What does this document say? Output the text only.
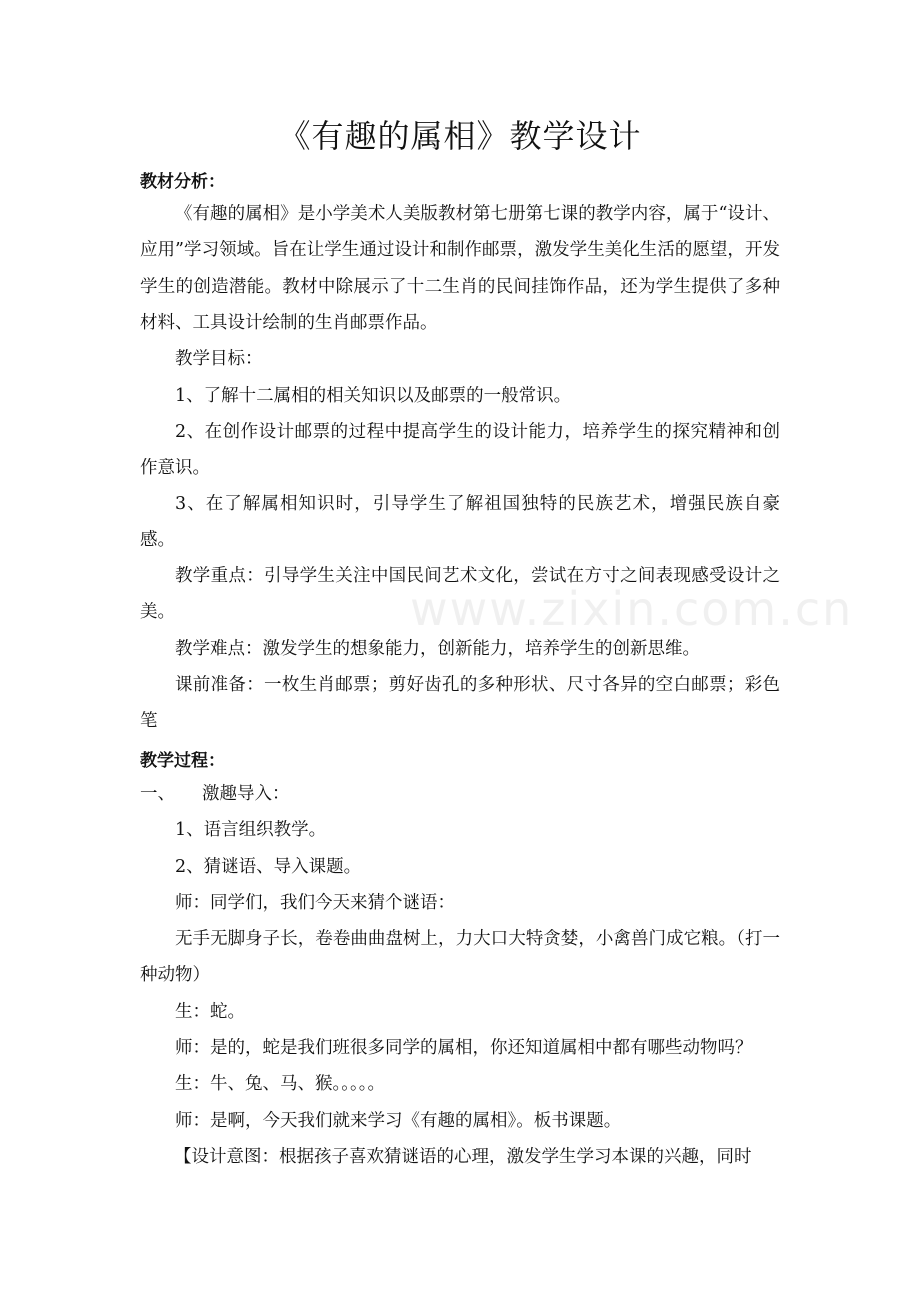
www.zixin.com.cn
《有趣的属相》教学设计

教材分析：

《有趣的属相》是小学美术人美版教材第七册第七课的教学内容，属于“设计、应用”学习领域。旨在让学生通过设计和制作邮票，激发学生美化生活的愿望，开发学生的创造潜能。教材中除展示了十二生肖的民间挂饰作品，还为学生提供了多种材料、工具设计绘制的生肖邮票作品。

教学目标：

1、了解十二属相的相关知识以及邮票的一般常识。

2、在创作设计邮票的过程中提高学生的设计能力，培养学生的探究精神和创作意识。

3、在了解属相知识时，引导学生了解祖国独特的民族艺术，增强民族自豪感。

教学重点：引导学生关注中国民间艺术文化，尝试在方寸之间表现感受设计之美。

教学难点：激发学生的想象能力，创新能力，培养学生的创新思维。

课前准备：一枚生肖邮票；剪好齿孔的多种形状、尺寸各异的空白邮票；彩色笔

教学过程：

一、 激趣导入：

1、语言组织教学。

2、猜谜语、导入课题。

师：同学们，我们今天来猜个谜语：

无手无脚身子长，卷卷曲曲盘树上，力大口大特贪婪，小禽兽门成它粮。（打一种动物）

生：蛇。

师：是的，蛇是我们班很多同学的属相，你还知道属相中都有哪些动物吗？

生：牛、兔、马、猴。。。。。

师：是啊，今天我们就来学习《有趣的属相》。板书课题。

【设计意图：根据孩子喜欢猜谜语的心理，激发学生学习本课的兴趣，同时
